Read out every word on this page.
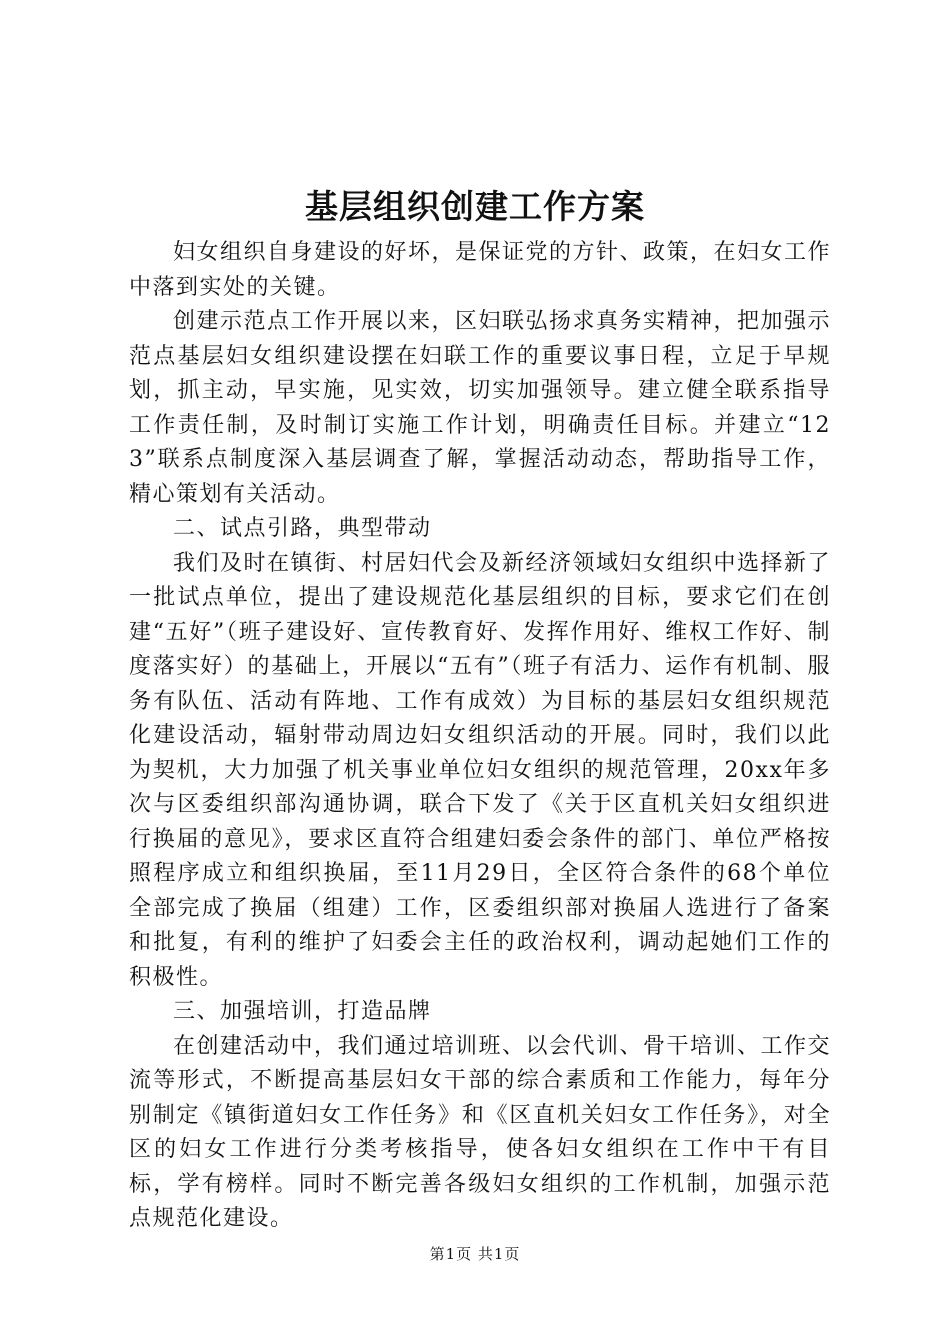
基层组织创建工作方案

妇女组织自身建设的好坏，是保证党的方针、政策，在妇女工作中落到实处的关键。

创建示范点工作开展以来，区妇联弘扬求真务实精神，把加强示范点基层妇女组织建设摆在妇联工作的重要议事日程，立足于早规划，抓主动，早实施，见实效，切实加强领导。建立健全联系指导工作责任制，及时制订实施工作计划，明确责任目标。并建立“123”联系点制度深入基层调查了解，掌握活动动态，帮助指导工作，精心策划有关活动。

二、试点引路，典型带动

我们及时在镇街、村居妇代会及新经济领域妇女组织中选择新了一批试点单位，提出了建设规范化基层组织的目标，要求它们在创建“五好”（班子建设好、宣传教育好、发挥作用好、维权工作好、制度落实好）的基础上，开展以“五有”（班子有活力、运作有机制、服务有队伍、活动有阵地、工作有成效）为目标的基层妇女组织规范化建设活动，辐射带动周边妇女组织活动的开展。同时，我们以此为契机，大力加强了机关事业单位妇女组织的规范管理，20xx年多次与区委组织部沟通协调，联合下发了《关于区直机关妇女组织进行换届的意见》，要求区直符合组建妇委会条件的部门、单位严格按照程序成立和组织换届，至11月29日，全区符合条件的68个单位全部完成了换届（组建）工作，区委组织部对换届人选进行了备案和批复，有利的维护了妇委会主任的政治权利，调动起她们工作的积极性。

三、加强培训，打造品牌

在创建活动中，我们通过培训班、以会代训、骨干培训、工作交流等形式，不断提高基层妇女干部的综合素质和工作能力，每年分别制定《镇街道妇女工作任务》和《区直机关妇女工作任务》，对全区的妇女工作进行分类考核指导，使各妇女组织在工作中干有目标，学有榜样。同时不断完善各级妇女组织的工作机制，加强示范点规范化建设。

第1页 共1页
